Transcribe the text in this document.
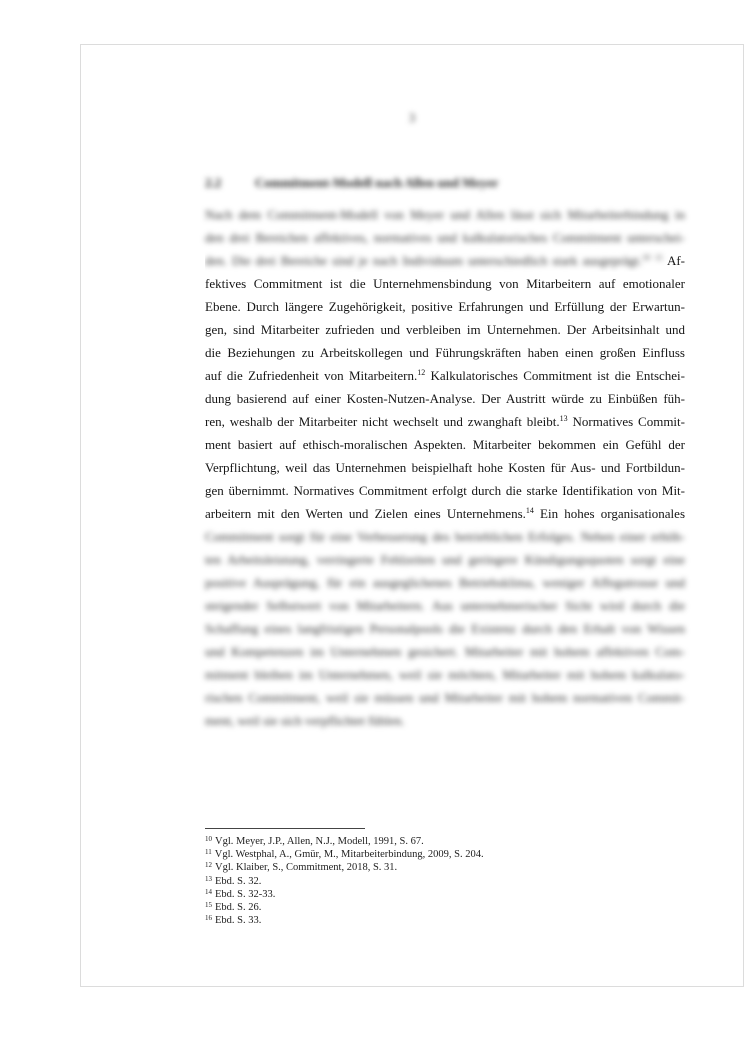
3
2.2	Commitment-Modell nach Allen und Meyer
Nach dem Commitment-Modell von Meyer und Allen lässt sich Mitarbeiterbindung in
den drei Bereichen affektives, normatives und kalkulatorisches Commitment unterschei-
den. Die drei Bereiche sind je nach Individuum unterschiedlich stark ausgeprägt.$^{10}$ $^{11}$ Af-
fektives Commitment ist die Unternehmensbindung von Mitarbeitern auf emotionaler
Ebene. Durch längere Zugehörigkeit, positive Erfahrungen und Erfüllung der Erwartun-
gen, sind Mitarbeiter zufrieden und verbleiben im Unternehmen. Der Arbeitsinhalt und
die Beziehungen zu Arbeitskollegen und Führungskräften haben einen großen Einfluss
auf die Zufriedenheit von Mitarbeitern.$^{12}$ Kalkulatorisches Commitment ist die Entschei-
dung basierend auf einer Kosten-Nutzen-Analyse. Der Austritt würde zu Einbüßen füh-
ren, weshalb der Mitarbeiter nicht wechselt und zwanghaft bleibt.$^{13}$ Normatives Commit-
ment basiert auf ethisch-moralischen Aspekten. Mitarbeiter bekommen ein Gefühl der
Verpflichtung, weil das Unternehmen beispielhaft hohe Kosten für Aus- und Fortbildun-
gen übernimmt. Normatives Commitment erfolgt durch die starke Identifikation von Mit-
arbeitern mit den Werten und Zielen eines Unternehmens.$^{14}$ Ein hohes organisationales
Commitment sorgt für eine Verbesserung des betrieblichen Erfolges. Neben einer erhöh-
ten Arbeitsleistung, verringerte Fehlzeiten und geringere Kündigungsquoten sorgt eine
positive Ausprägung, für ein ausgeglichenes Betriebsklima, weniger Affegutrosse und
steigender Selbstwert von Mitarbeitern. Aus unternehmerischer Sicht wird durch die
Schaffung eines langfristigen Personalpools die Existenz durch den Erhalt von Wissen
und Kompetenzen im Unternehmen gesichert. Mitarbeiter mit hohem affektiven Com-
mitment bleiben im Unternehmen, weil sie möchten, Mitarbeiter mit hohem kalkulato-
rischen Commitment, weil sie müssen und Mitarbeiter mit hohem normativen Commit-
ment, weil sie sich verpflichtet fühlen.
$^{10}$ Vgl. Meyer, J.P., Allen, N.J., Modell, 1991, S. 67.
$^{11}$ Vgl. Westphal, A., Gmür, M., Mitarbeiterbindung, 2009, S. 204.
$^{12}$ Vgl. Klaiber, S., Commitment, 2018, S. 31.
$^{13}$ Ebd. S. 32.
$^{14}$ Ebd. S. 32-33.
$^{15}$ Ebd. S. 26.
$^{16}$ Ebd. S. 33.
